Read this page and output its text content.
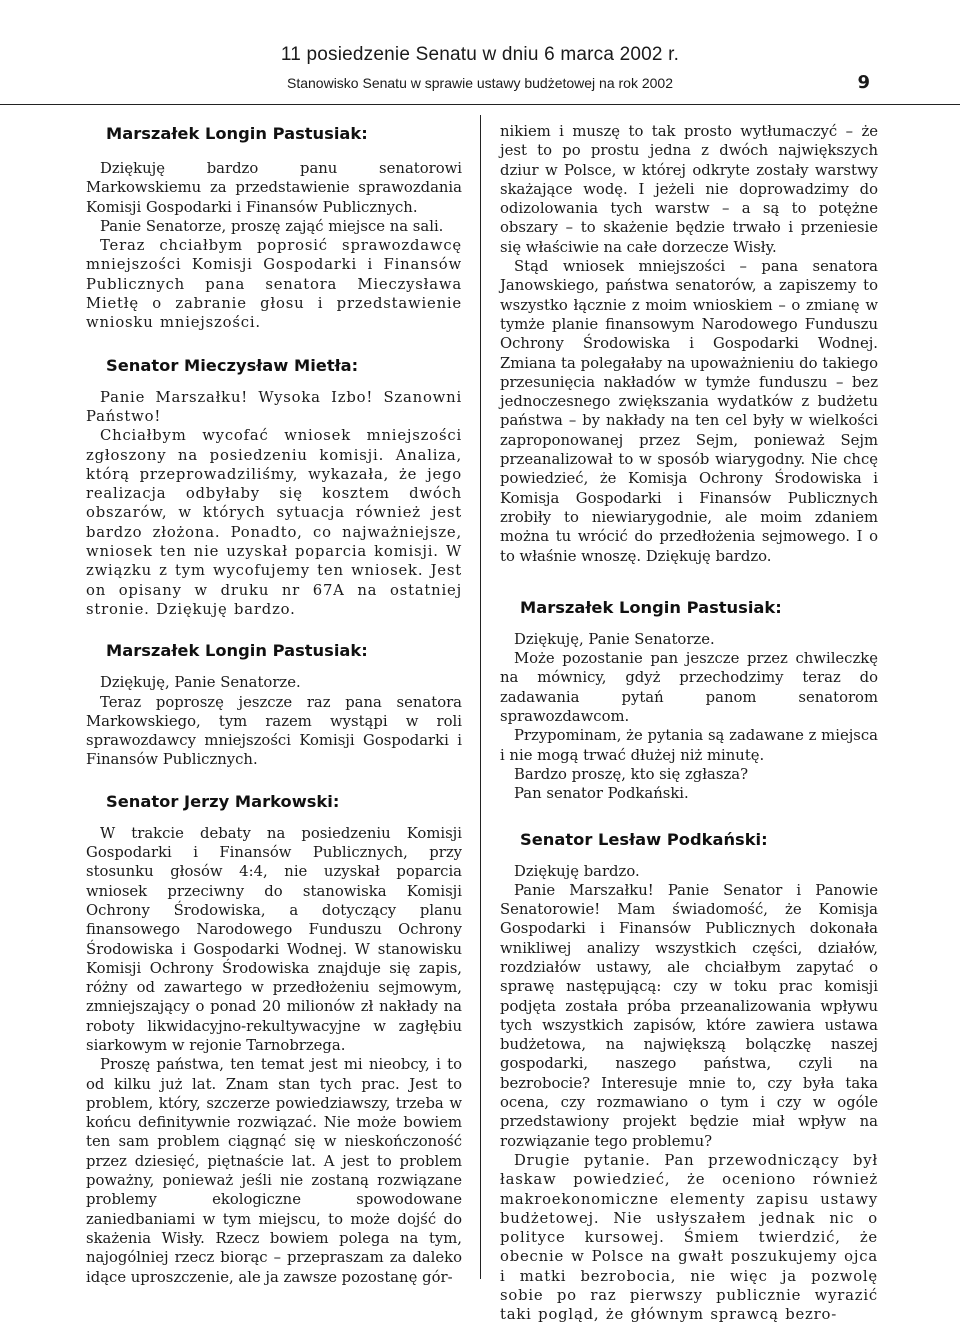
11 posiedzenie Senatu w dniu 6 marca 2002 r.
Stanowisko Senatu w sprawie ustawy budżetowej na rok 2002	9
Marszałek Longin Pastusiak:

Dziękuję bardzo panu senatorowi Markowskiemu za przedstawienie sprawozdania Komisji Gospodarki i Finansów Publicznych.

Panie Senatorze, proszę zająć miejsce na sali.

Teraz chciałbym poprosić sprawozdawcę mniejszości Komisji Gospodarki i Finansów Publicznych pana senatora Mieczysława Mietłę o zabranie głosu i przedstawienie wniosku mniejszości.

Senator Mieczysław Mietła:

Panie Marszałku! Wysoka Izbo! Szanowni Państwo!

Chciałbym wycofać wniosek mniejszości zgłoszony na posiedzeniu komisji. Analiza, którą przeprowadziliśmy, wykazała, że jego realizacja odbyłaby się kosztem dwóch obszarów, w których sytuacja również jest bardzo złożona. Ponadto, co najważniejsze, wniosek ten nie uzyskał poparcia komisji. W związku z tym wycofujemy ten wniosek. Jest on opisany w druku nr 67A na ostatniej stronie. Dziękuję bardzo.

Marszałek Longin Pastusiak:

Dziękuję, Panie Senatorze.

Teraz poproszę jeszcze raz pana senatora Markowskiego, tym razem wystąpi w roli sprawozdawcy mniejszości Komisji Gospodarki i Finansów Publicznych.

Senator Jerzy Markowski:

W trakcie debaty na posiedzeniu Komisji Gospodarki i Finansów Publicznych, przy stosunku głosów 4:4, nie uzyskał poparcia wniosek przeciwny do stanowiska Komisji Ochrony Środowiska, a dotyczący planu finansowego Narodowego Funduszu Ochrony Środowiska i Gospodarki Wodnej. W stanowisku Komisji Ochrony Środowiska znajduje się zapis, różny od zawartego w przedłożeniu sejmowym, zmniejszający o ponad 20 milionów zł nakłady na roboty likwidacyjno-rekultywacyjne w zagłębiu siarkowym w rejonie Tarnobrzega.

Proszę państwa, ten temat jest mi nieobcy, i to od kilku już lat. Znam stan tych prac. Jest to problem, który, szczerze powiedziawszy, trzeba w końcu definitywnie rozwiązać. Nie może bowiem ten sam problem ciągnąć się w nieskończoność przez dziesięć, piętnaście lat. A jest to problem poważny, ponieważ jeśli nie zostaną rozwiązane problemy ekologiczne spowodowane zaniedbaniami w tym miejscu, to może dojść do skażenia Wisły. Rzecz bowiem polega na tym, najogólniej rzecz biorąc – przepraszam za daleko idące uproszczenie, ale ja zawsze pozostanę gór-

nikiem i muszę to tak prosto wytłumaczyć – że jest to po prostu jedna z dwóch największych dziur w Polsce, w której odkryte zostały warstwy skażające wodę. I jeżeli nie doprowadzimy do odizolowania tych warstw – a są to potężne obszary – to skażenie będzie trwało i przeniesie się właściwie na całe dorzecze Wisły.

Stąd wniosek mniejszości – pana senatora Janowskiego, państwa senatorów, a zapiszemy to wszystko łącznie z moim wnioskiem – o zmianę w tymże planie finansowym Narodowego Funduszu Ochrony Środowiska i Gospodarki Wodnej. Zmiana ta polegałaby na upoważnieniu do takiego przesunięcia nakładów w tymże funduszu – bez jednoczesnego zwiększania wydatków z budżetu państwa – by nakłady na ten cel były w wielkości zaproponowanej przez Sejm, ponieważ Sejm przeanalizował to w sposób wiarygodny. Nie chcę powiedzieć, że Komisja Ochrony Środowiska i Komisja Gospodarki i Finansów Publicznych zrobiły to niewiarygodnie, ale moim zdaniem można tu wrócić do przedłożenia sejmowego. I o to właśnie wnoszę. Dziękuję bardzo.

Marszałek Longin Pastusiak:

Dziękuję, Panie Senatorze.

Może pozostanie pan jeszcze przez chwileczkę na mównicy, gdyż przechodzimy teraz do zadawania pytań panom senatorom sprawozdawcom.

Przypominam, że pytania są zadawane z miejsca i nie mogą trwać dłużej niż minutę.

Bardzo proszę, kto się zgłasza?

Pan senator Podkański.

Senator Lesław Podkański:

Dziękuję bardzo.

Panie Marszałku! Panie Senator i Panowie Senatorowie! Mam świadomość, że Komisja Gospodarki i Finansów Publicznych dokonała wnikliwej analizy wszystkich części, działów, rozdziałów ustawy, ale chciałbym zapytać o sprawę następującą: czy w toku prac komisji podjęta została próba przeanalizowania wpływu tych wszystkich zapisów, które zawiera ustawa budżetowa, na największą bolączkę naszej gospodarki, naszego państwa, czyli na bezrobocie? Interesuje mnie to, czy była taka ocena, czy rozmawiano o tym i czy w ogóle przedstawiony projekt będzie miał wpływ na rozwiązanie tego problemu?

Drugie pytanie. Pan przewodniczący był łaskaw powiedzieć, że oceniono również makroekonomiczne elementy zapisu ustawy budżetowej. Nie usłyszałem jednak nic o polityce kursowej. Śmiem twierdzić, że obecnie w Polsce na gwałt poszukujemy ojca i matki bezrobocia, nie więc ja pozwolę sobie po raz pierwszy publicznie wyrazić taki pogląd, że głównym sprawcą bezro-
